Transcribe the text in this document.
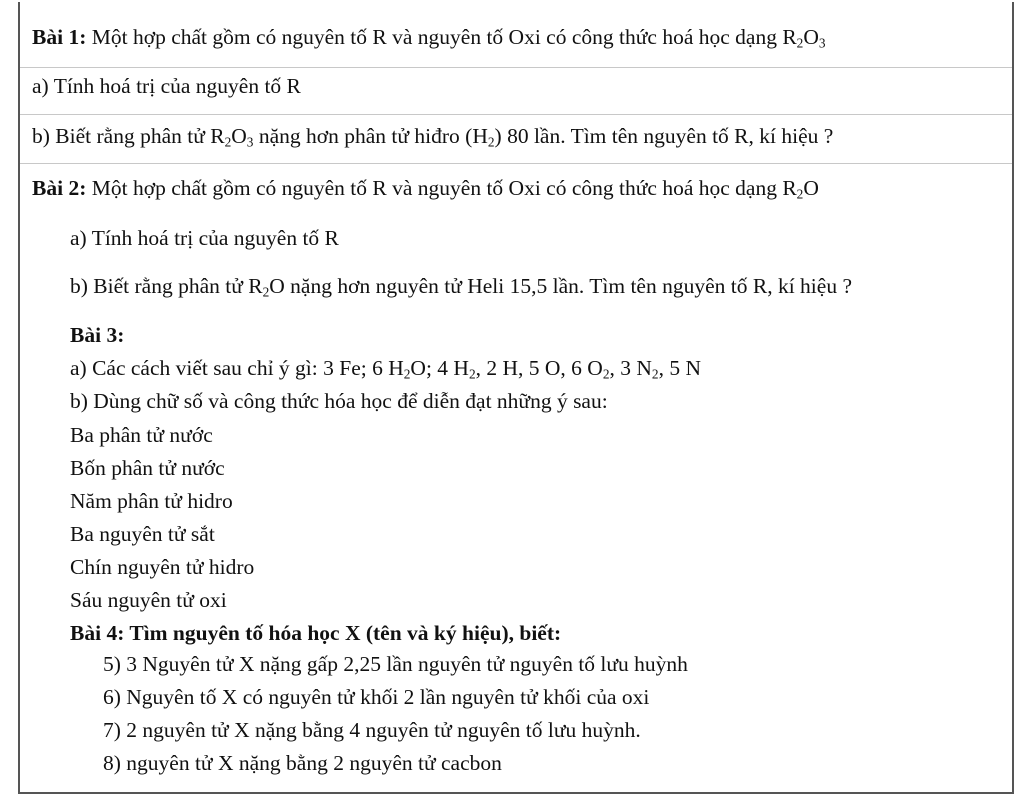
Bài 1: Một hợp chất gồm có nguyên tố R và nguyên tố Oxi có công thức hoá học dạng $R_2O_3$
a) Tính hoá trị của nguyên tố R
b) Biết rằng phân tử $R_2O_3$ nặng hơn phân tử hiđro $(H_2)$ 80 lần. Tìm tên nguyên tố R, kí hiệu ?
Bài 2: Một hợp chất gồm có nguyên tố R và nguyên tố Oxi có công thức hoá học dạng $R_2O$
a) Tính hoá trị của nguyên tố R
b) Biết rằng phân tử $R_2O$ nặng hơn nguyên tử Heli 15,5 lần. Tìm tên nguyên tố R, kí hiệu ?
Bài 3:
a) Các cách viết sau chỉ ý gì: 3 Fe; 6 $H_2O$; 4 $H_2$, 2 H, 5 O, 6 $O_2$, 3 $N_2$, 5 N
b) Dùng chữ số và công thức hóa học để diễn đạt những ý sau:
Ba phân tử nước
Bốn phân tử nước
Năm phân tử hidro
Ba nguyên tử sắt
Chín nguyên tử hidro
Sáu nguyên tử oxi
Bài 4: Tìm nguyên tố hóa học X (tên và ký hiệu), biết:
5) 3 Nguyên tử X nặng gấp 2,25 lần nguyên tử nguyên tố lưu huỳnh
6) Nguyên tố X có nguyên tử khối 2 lần nguyên tử khối của oxi
7) 2 nguyên tử X nặng bằng 4 nguyên tử nguyên tố lưu huỳnh.
8) nguyên tử X nặng bằng 2 nguyên tử cacbon
